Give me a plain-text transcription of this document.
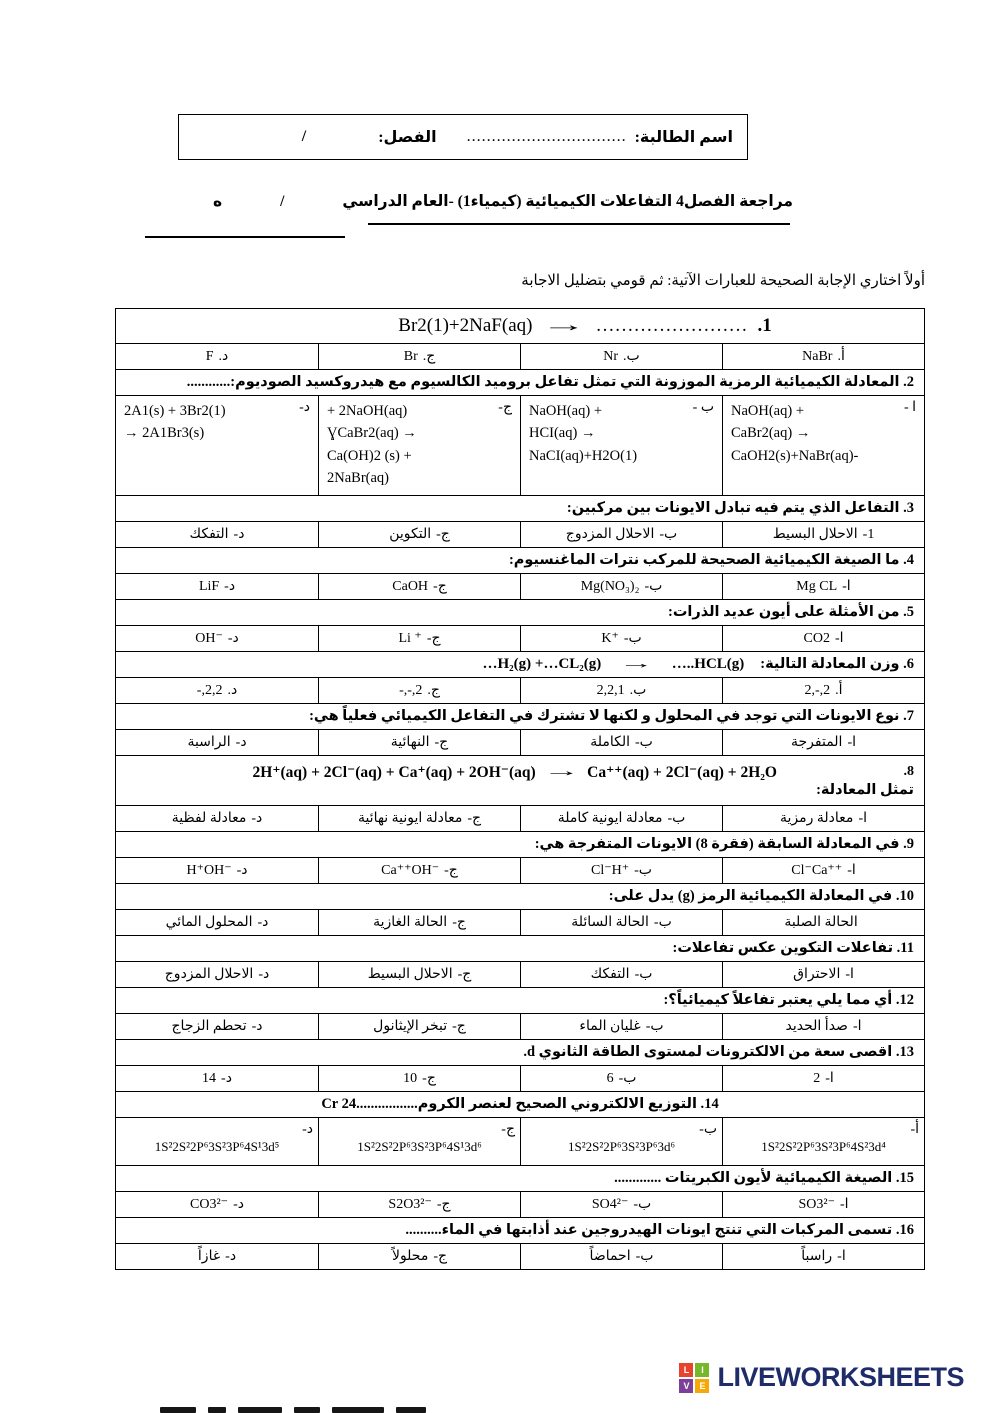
اسم الطالبة:
................................
الفصل:
/
مراجعة الفصل4 التفاعلات الكيميائية (كيمياء1) -العام الدراسي
/
ه
أولاً اختاري الإجابة الصحيحة للعبارات الآتية: ثم قومي بتضليل الاجابة
1.
……………………
→
Br2(1)+2NaF(aq)
أ.
NaBr
ب.
Nr
ج.
Br
د.
F
2. المعادلة الكيميائية الرمزية الموزونة التي تمثل تفاعل بروميد الكالسيوم مع هيدروكسيد الصوديوم:............
ا -
NaOH(aq) +
CaBr2(aq) →
CaOH2(s)+NaBr(aq)-
ب -
NaOH(aq) +
HCI(aq) →
NaCI(aq)+H2O(1)
ج-
+ 2NaOH(aq)
ƔCaBr2(aq) →
Ca(OH)2 (s) +
2NaBr(aq)
د-
2A1(s) + 3Br2(1)
→ 2A1Br3(s)
3. التفاعل الذي يتم فيه تبادل الايونات بين مركبين:
1-
الاحلال البسيط
ب-
الاحلال المزدوج
ج-
التكوين
د-
التفكك
4. ما الصيغة الكيميائية الصحيحة للمركب نترات الماغنسيوم:
ا-
Mg CL
ب-
Mg(NO₃)₂
ج-
CaOH
د-
LiF
5. من الأمثلة على أيون عديد الذرات:
ا-
CO2
ب-
K⁺
ج-
Li ⁺
د-
OH⁻
6. وزن المعادلة التالية:
…..HCL(g)
→
…H₂(g) +…CL₂(g)
أ.
2,-,2
ب.
2,2,1
ج.
-,-,2
د.
-,2,2
7. نوع الايونات التي توجد في المحلول و لكنها لا تشترك في التفاعل الكيميائي فعلياً هي:
ا-
المتفرجة
ب-
الكاملة
ج-
النهائية
د-
الراسبة
8.
2H⁺(aq) + 2Cl⁻(aq) + Ca⁺(aq) + 2OH⁻(aq) → Ca⁺⁺(aq) + 2Cl⁻(aq) + 2H₂O
تمثل المعادلة:
ا-
معادلة رمزية
ب-
معادلة ايونية كاملة
ج-
معادلة ايونية نهائية
د-
معادلة لفظية
9. في المعادلة السابقة (فقرة 8) الايونات المتفرجة هي:
ا-
Cl⁻Ca⁺⁺
ب-
Cl⁻H⁺
ج-
Ca⁺⁺OH⁻
د-
H⁺OH⁻
10. في المعادلة الكيميائية الرمز (g) يدل على:
الحالة الصلبة
ب-
الحالة السائلة
ج-
الحالة الغازية
د-
المحلول المائي
11. تفاعلات التكوين عكس تفاعلات:
ا-
الاحتراق
ب-
التفكك
ج-
الاحلال البسيط
د-
الاحلال المزدوج
12. أي مما يلي يعتبر تفاعلاً كيميائياً؟:
ا-
صدأ الحديد
ب-
غليان الماء
ج-
تبخر الإيثانول
د-
تحطم الزجاج
13. اقصى سعة من الالكترونات لمستوى الطاقة الثانوي d.
ا-
2
ب-
6
ج-
10
د-
14
14. التوزيع الالكتروني الصحيح لعنصر الكروم.................‪Cr 24‬
أ-
1S²2S²2P⁶3S²3P⁶4S²3d⁴
ب-
1S²2S²2P⁶3S²3P⁶3d⁶
ج-
1S²2S²2P⁶3S²3P⁶4S¹3d⁶
د-
1S²2S²2P⁶3S²3P⁶4S¹3d⁵
15. الصيغة الكيميائية لأيون الكبريتات .............
ا-
SO3²⁻
ب-
SO4²⁻
ج-
S2O3²⁻
د-
CO3²⁻
16. تسمى المركبات التي تنتج ايونات الهيدروجين عند أذابتها في الماء..........
ا-
راسباً
ب-
احماضاً
ج-
محلولاً
د-
غازاً
L	I
V	E LIVEWORKSHEETS
